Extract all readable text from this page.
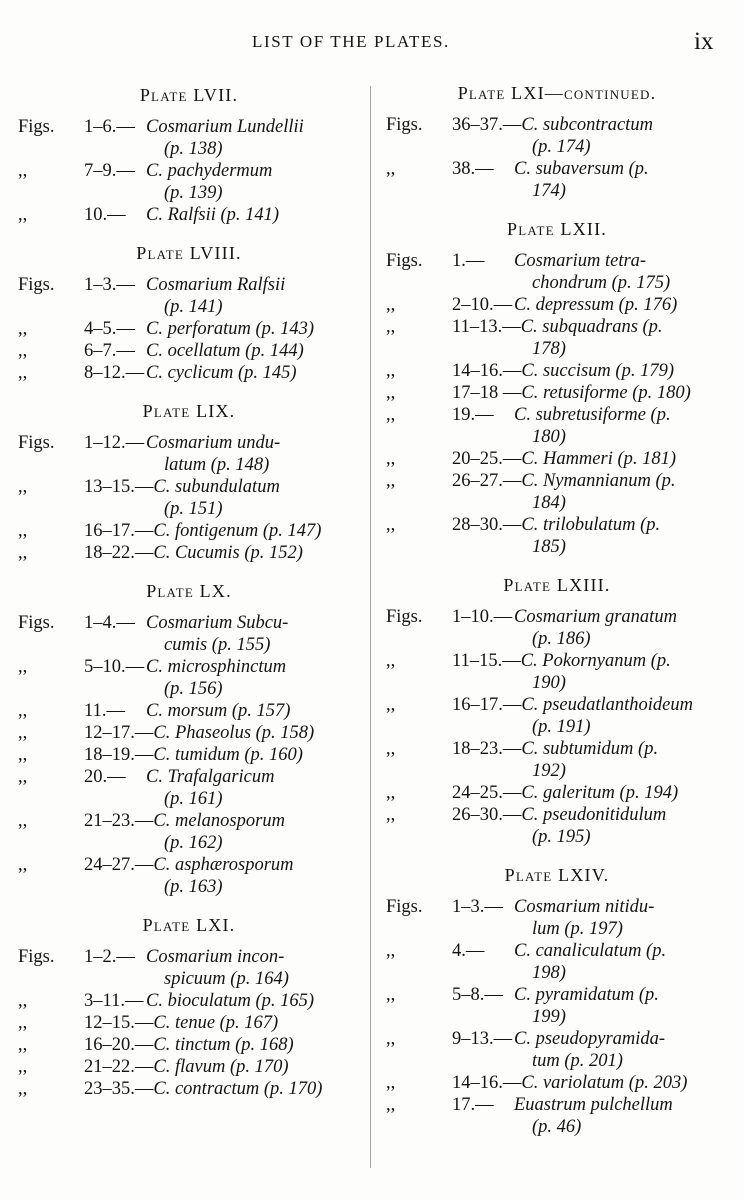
LIST OF THE PLATES.	ix
Plate LVII.
Figs.	1–6.— Cosmarium Lundellii
(p. 138)
,,	7–9.— C. pachydermum
(p. 139)
,,	10.— C. Ralfsii (p. 141)
Plate LVIII.
Figs.	1–3.— Cosmarium Ralfsii
(p. 141)
,,	4–5.— C. perforatum (p. 143)
,,	6–7.— C. ocellatum (p. 144)
,,	8–12.— C. cyclicum (p. 145)
Plate LIX.
Figs.	1–12.— Cosmarium undu-
latum (p. 148)
,,	13–15.—C. subundulatum
(p. 151)
,,	16–17.—C. fontigenum (p. 147)
,,	18–22.—C. Cucumis (p. 152)
Plate LX.
Figs.	1–4.— Cosmarium Subcu-
cumis (p. 155)
,,	5–10.— C. microsphinctum
(p. 156)
,,	11.— C. morsum (p. 157)
,,	12–17.—C. Phaseolus (p. 158)
,,	18–19.—C. tumidum (p. 160)
,,	20.— C. Trafalgaricum
(p. 161)
,,	21–23.—C. melanosporum
(p. 162)
,,	24–27.—C. asphærosporum
(p. 163)
Plate LXI.
Figs.	1–2.— Cosmarium incon-
spicuum (p. 164)
,,	3–11.— C. bioculatum (p. 165)
,,	12–15.—C. tenue (p. 167)
,,	16–20.—C. tinctum (p. 168)
,,	21–22.—C. flavum (p. 170)
,,	23–35.—C. contractum (p. 170)
Plate LXI—continued.
Figs.	36–37.—C. subcontractum
(p. 174)
,,	38.— C. subaversum (p.
174)
Plate LXII.
Figs.	1.— Cosmarium tetra-
chondrum (p. 175)
,,	2–10.— C. depressum (p. 176)
,,	11–13.—C. subquadrans (p.
178)
,,	14–16.—C. succisum (p. 179)
,,	17–18 —C. retusiforme (p. 180)
,,	19.— C. subretusiforme (p.
180)
,,	20–25.—C. Hammeri (p. 181)
,,	26–27.—C. Nymannianum (p.
184)
,,	28–30.—C. trilobulatum (p.
185)
Plate LXIII.
Figs.	1–10.— Cosmarium granatum
(p. 186)
,,	11–15.—C. Pokornyanum (p.
190)
,,	16–17.—C. pseudatlanthoideum
(p. 191)
,,	18–23.—C. subtumidum (p.
192)
,,	24–25.—C. galeritum (p. 194)
,,	26–30.—C. pseudonitidulum
(p. 195)
Plate LXIV.
Figs.	1–3.— Cosmarium nitidu-
lum (p. 197)
,,	4.— C. canaliculatum (p.
198)
,,	5–8.— C. pyramidatum (p.
199)
,,	9–13.— C. pseudopyramida-
tum (p. 201)
,,	14–16.—C. variolatum (p. 203)
,,	17.— Euastrum pulchellum
(p. 46)
